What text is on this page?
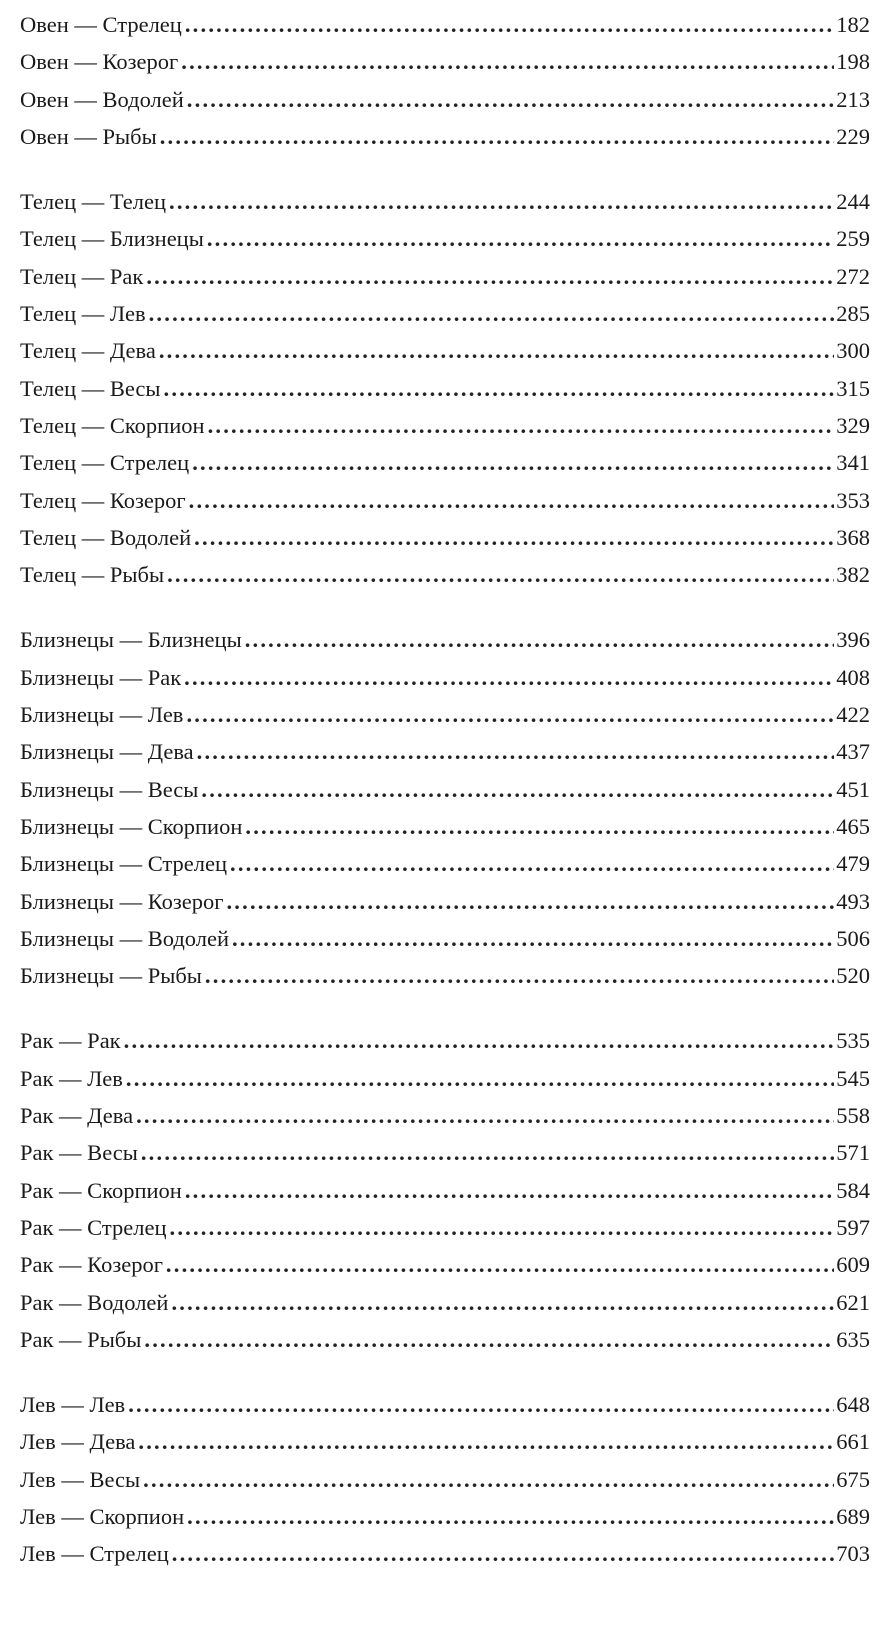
Овен — Стрелец .....	182
Овен — Козерог .....	198
Овен — Водолей .....	213
Овен — Рыбы .....	229
Телец — Телец .....	244
Телец — Близнецы .....	259
Телец — Рак .....	272
Телец — Лев .....	285
Телец — Дева .....	300
Телец — Весы .....	315
Телец — Скорпион .....	329
Телец — Стрелец .....	341
Телец — Козерог .....	353
Телец — Водолей .....	368
Телец — Рыбы .....	382
Близнецы — Близнецы .....	396
Близнецы — Рак .....	408
Близнецы — Лев .....	422
Близнецы — Дева .....	437
Близнецы — Весы .....	451
Близнецы — Скорпион .....	465
Близнецы — Стрелец .....	479
Близнецы — Козерог .....	493
Близнецы — Водолей .....	506
Близнецы — Рыбы .....	520
Рак — Рак .....	535
Рак — Лев .....	545
Рак — Дева .....	558
Рак — Весы .....	571
Рак — Скорпион .....	584
Рак — Стрелец .....	597
Рак — Козерог .....	609
Рак — Водолей .....	621
Рак — Рыбы .....	635
Лев — Лев .....	648
Лев — Дева .....	661
Лев — Весы .....	675
Лев — Скорпион .....	689
Лев — Стрелец .....	703
